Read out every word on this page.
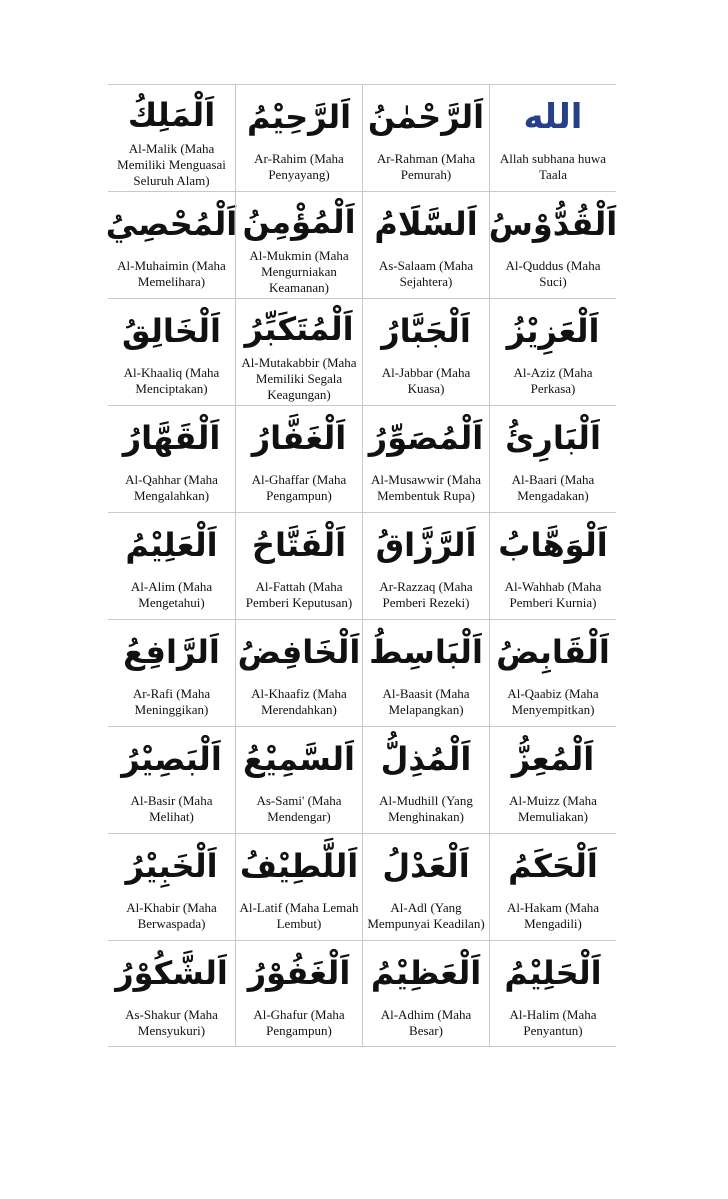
اَلْمَلِكُ
Al-Malik (Maha Memiliki Menguasai Seluruh Alam)
اَلرَّحِيْمُ
Ar-Rahim (Maha Penyayang)
اَلرَّحْمٰنُ
Ar-Rahman (Maha Pemurah)
الله
Allah subhana huwa Taala
اَلْمُحْصِيُ
Al-Muhaimin (Maha Memelihara)
اَلْمُؤْمِنُ
Al-Mukmin (Maha Mengurniakan Keamanan)
اَلسَّلَامُ
As-Salaam (Maha Sejahtera)
اَلْقُدُّوْسُ
Al-Quddus (Maha Suci)
اَلْخَالِقُ
Al-Khaaliq (Maha Menciptakan)
اَلْمُتَكَبِّرُ
Al-Mutakabbir (Maha Memiliki Segala Keagungan)
اَلْجَبَّارُ
Al-Jabbar (Maha Kuasa)
اَلْعَزِيْزُ
Al-Aziz (Maha Perkasa)
اَلْقَهَّارُ
Al-Qahhar (Maha Mengalahkan)
اَلْغَفَّارُ
Al-Ghaffar (Maha Pengampun)
اَلْمُصَوِّرُ
Al-Musawwir (Maha Membentuk Rupa)
اَلْبَارِئُ
Al-Baari (Maha Mengadakan)
اَلْعَلِيْمُ
Al-Alim (Maha Mengetahui)
اَلْفَتَّاحُ
Al-Fattah (Maha Pemberi Keputusan)
اَلرَّزَّاقُ
Ar-Razzaq (Maha Pemberi Rezeki)
اَلْوَهَّابُ
Al-Wahhab (Maha Pemberi Kurnia)
اَلرَّافِعُ
Ar-Rafi (Maha Meninggikan)
اَلْخَافِضُ
Al-Khaafiz (Maha Merendahkan)
اَلْبَاسِطُ
Al-Baasit (Maha Melapangkan)
اَلْقَابِضُ
Al-Qaabiz (Maha Menyempitkan)
اَلْبَصِيْرُ
Al-Basir (Maha Melihat)
اَلسَّمِيْعُ
As-Sami' (Maha Mendengar)
اَلْمُذِلُّ
Al-Mudhill (Yang Menghinakan)
اَلْمُعِزُّ
Al-Muizz (Maha Memuliakan)
اَلْخَبِيْرُ
Al-Khabir (Maha Berwaspada)
اَللَّطِيْفُ
Al-Latif (Maha Lemah Lembut)
اَلْعَدْلُ
Al-Adl (Yang Mempunyai Keadilan)
اَلْحَكَمُ
Al-Hakam (Maha Mengadili)
اَلشَّكُوْرُ
As-Shakur (Maha Mensyukuri)
اَلْغَفُوْرُ
Al-Ghafur (Maha Pengampun)
اَلْعَظِيْمُ
Al-Adhim (Maha Besar)
اَلْحَلِيْمُ
Al-Halim (Maha Penyantun)
